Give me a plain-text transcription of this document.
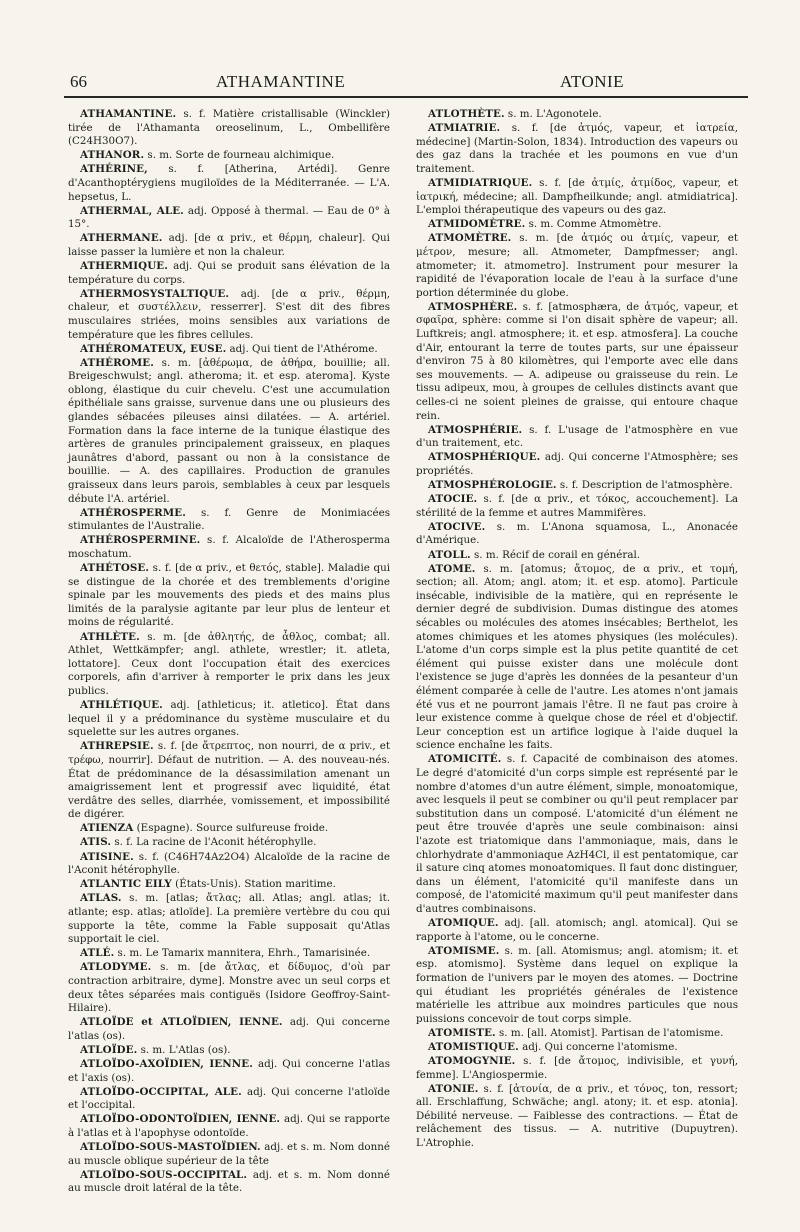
66	ATHAMANTINE	ATONIE

ATHAMANTINE. s. f. Matière cristallisable (Winckler) tirée de l'Athamanta oreoselinum, L., Ombellifère (C24H30O7).

ATHANOR. s. m. Sorte de fourneau alchimique.

ATHÉRINE, s. f. [Atherina, Artédi]. Genre d'Acanthoptérygiens mugiloïdes de la Méditerranée. — L'A. hepsetus, L.

ATHERMAL, ALE. adj. Opposé à thermal. — Eau de 0° à 15°.

ATHERMANE. adj. [de α priv., et θέρμη, chaleur]. Qui laisse passer la lumière et non la chaleur.

ATHERMIQUE. adj. Qui se produit sans élévation de la température du corps.

ATHERMOSYSTALTIQUE. adj. [de α priv., θέρμη, chaleur, et συστέλλειν, resserrer]. S'est dit des fibres musculaires striées, moins sensibles aux variations de température que les fibres cellules.

ATHÉROMATEUX, EUSE. adj. Qui tient de l'Athérome.

ATHÉROME. s. m. [ἀθέρωμα, de ἀθήρα, bouillie; all. Breigeschwulst; angl. atheroma; it. et esp. ateroma]. Kyste oblong, élastique du cuir chevelu. C'est une accumulation épithéliale sans graisse, survenue dans une ou plusieurs des glandes sébacées pileuses ainsi dilatées. — A. artériel. Formation dans la face interne de la tunique élastique des artères de granules principalement graisseux, en plaques jaunâtres d'abord, passant ou non à la consistance de bouillie. — A. des capillaires. Production de granules graisseux dans leurs parois, semblables à ceux par lesquels débute l'A. artériel.

ATHÉROSPERME. s. f. Genre de Monimiacées stimulantes de l'Australie.

ATHÉROSPERMINE. s. f. Alcaloïde de l'Atherosperma moschatum.

ATHÉTOSE. s. f. [de α priv., et θετός, stable]. Maladie qui se distingue de la chorée et des tremblements d'origine spinale par les mouvements des pieds et des mains plus limités de la paralysie agitante par leur plus de lenteur et moins de régularité.

ATHLÈTE. s. m. [de ἀθλητής, de ἆθλος, combat; all. Athlet, Wettkämpfer; angl. athlete, wrestler; it. atleta, lottatore]. Ceux dont l'occupation était des exercices corporels, afin d'arriver à remporter le prix dans les jeux publics.

ATHLÉTIQUE. adj. [athleticus; it. atletico]. État dans lequel il y a prédominance du système musculaire et du squelette sur les autres organes.

ATHREPSIE. s. f. [de ἄτρεπτος, non nourri, de α priv., et τρέφω, nourrir]. Défaut de nutrition. — A. des nouveau-nés. État de prédominance de la désassimilation amenant un amaigrissement lent et progressif avec liquidité, état verdâtre des selles, diarrhée, vomissement, et impossibilité de digérer.

ATIENZA (Espagne). Source sulfureuse froide.

ATIS. s. f. La racine de l'Aconit hétérophylle.

ATISINE. s. f. (C46H74Az2O4) Alcaloïde de la racine de l'Aconit hétérophylle.

ATLANTIC EILY (États-Unis). Station maritime.

ATLAS. s. m. [atlas; ἄτλας; all. Atlas; angl. atlas; it. atlante; esp. atlas; atloïde]. La première vertèbre du cou qui supporte la tête, comme la Fable supposait qu'Atlas supportait le ciel.

ATLÉ. s. m. Le Tamarix mannitera, Ehrh., Tamarisinée.

ATLODYME. s. m. [de ἄτλας, et δίδυμος, d'où par contraction arbitraire, dyme]. Monstre avec un seul corps et deux têtes séparées mais contiguës (Isidore Geoffroy-Saint-Hilaire).

ATLOÏDE et ATLOÏDIEN, IENNE. adj. Qui concerne l'atlas (os).

ATLOÏDE. s. m. L'Atlas (os).

ATLOÏDO-AXOÏDIEN, IENNE. adj. Qui concerne l'atlas et l'axis (os).

ATLOÏDO-OCCIPITAL, ALE. adj. Qui concerne l'atloïde et l'occipital.

ATLOÏDO-ODONTOÏDIEN, IENNE. adj. Qui se rapporte à l'atlas et à l'apophyse odontoïde.

ATLOÏDO-SOUS-MASTOÏDIEN. adj. et s. m. Nom donné au muscle oblique supérieur de la tête

ATLOÏDO-SOUS-OCCIPITAL. adj. et s. m. Nom donné au muscle droit latéral de la tête.

ATLOTHÈTE. s. m. L'Agonotele.

ATMIATRIE. s. f. [de ἀτμός, vapeur, et ἰατρεία, médecine] (Martin-Solon, 1834). Introduction des vapeurs ou des gaz dans la trachée et les poumons en vue d'un traitement.

ATMIDIATRIQUE. s. f. [de ἀτμίς, ἀτμίδος, vapeur, et ἰατρική, médecine; all. Dampfheilkunde; angl. atmidiatrica]. L'emploi thérapeutique des vapeurs ou des gaz.

ATMIDOMÈTRE. s. m. Comme Atmomètre.

ATMOMÈTRE. s. m. [de ἀτμός ou ἀτμίς, vapeur, et μέτρον, mesure; all. Atmometer, Dampfmesser; angl. atmometer; it. atmometro]. Instrument pour mesurer la rapidité de l'évaporation locale de l'eau à la surface d'une portion déterminée du globe.

ATMOSPHÈRE. s. f. [atmosphæra, de ἀτμός, vapeur, et σφαῖρα, sphère: comme si l'on disait sphère de vapeur; all. Luftkreis; angl. atmosphere; it. et esp. atmosfera]. La couche d'Air, entourant la terre de toutes parts, sur une épaisseur d'environ 75 à 80 kilomètres, qui l'emporte avec elle dans ses mouvements. — A. adipeuse ou graisseuse du rein. Le tissu adipeux, mou, à groupes de cellules distincts avant que celles-ci ne soient pleines de graisse, qui entoure chaque rein.

ATMOSPHÉRIE. s. f. L'usage de l'atmosphère en vue d'un traitement, etc.

ATMOSPHÉRIQUE. adj. Qui concerne l'Atmosphère; ses propriétés.

ATMOSPHÉROLOGIE. s. f. Description de l'atmosphère.

ATOCIE. s. f. [de α priv., et τόκος, accouchement]. La stérilité de la femme et autres Mammifères.

ATOCIVE. s. m. L'Anona squamosa, L., Anonacée d'Amérique.

ATOLL. s. m. Récif de corail en général.

ATOME. s. m. [atomus; ἄτομος, de α priv., et τομή, section; all. Atom; angl. atom; it. et esp. atomo]. Particule insécable, indivisible de la matière, qui en représente le dernier degré de subdivision. Dumas distingue des atomes sécables ou molécules des atomes insécables; Berthelot, les atomes chimiques et les atomes physiques (les molécules). L'atome d'un corps simple est la plus petite quantité de cet élément qui puisse exister dans une molécule dont l'existence se juge d'après les données de la pesanteur d'un élément comparée à celle de l'autre. Les atomes n'ont jamais été vus et ne pourront jamais l'être. Il ne faut pas croire à leur existence comme à quelque chose de réel et d'objectif. Leur conception est un artifice logique à l'aide duquel la science enchaîne les faits.

ATOMICITÉ. s. f. Capacité de combinaison des atomes. Le degré d'atomicité d'un corps simple est représenté par le nombre d'atomes d'un autre élément, simple, monoatomique, avec lesquels il peut se combiner ou qu'il peut remplacer par substitution dans un composé. L'atomicité d'un élément ne peut être trouvée d'après une seule combinaison: ainsi l'azote est triatomique dans l'ammoniaque, mais, dans le chlorhydrate d'ammoniaque AzH4Cl, il est pentatomique, car il sature cinq atomes monoatomiques. Il faut donc distinguer, dans un élément, l'atomicité qu'il manifeste dans un composé, de l'atomicité maximum qu'il peut manifester dans d'autres combinaisons.

ATOMIQUE. adj. [all. atomisch; angl. atomical]. Qui se rapporte à l'atome, ou le concerne.

ATOMISME. s. m. [all. Atomismus; angl. atomism; it. et esp. atomismo]. Système dans lequel on explique la formation de l'univers par le moyen des atomes. — Doctrine qui étudiant les propriétés générales de l'existence matérielle les attribue aux moindres particules que nous puissions concevoir de tout corps simple.

ATOMISTE. s. m. [all. Atomist]. Partisan de l'atomisme.

ATOMISTIQUE. adj. Qui concerne l'atomisme.

ATOMOGYNIE. s. f. [de ἄτομος, indivisible, et γυνή, femme]. L'Angiospermie.

ATONIE. s. f. [ἀτονία, de α priv., et τόνος, ton, ressort; all. Erschlaffung, Schwäche; angl. atony; it. et esp. atonia]. Débilité nerveuse. — Faiblesse des contractions. — État de relâchement des tissus. — A. nutritive (Dupuytren). L'Atrophie.
